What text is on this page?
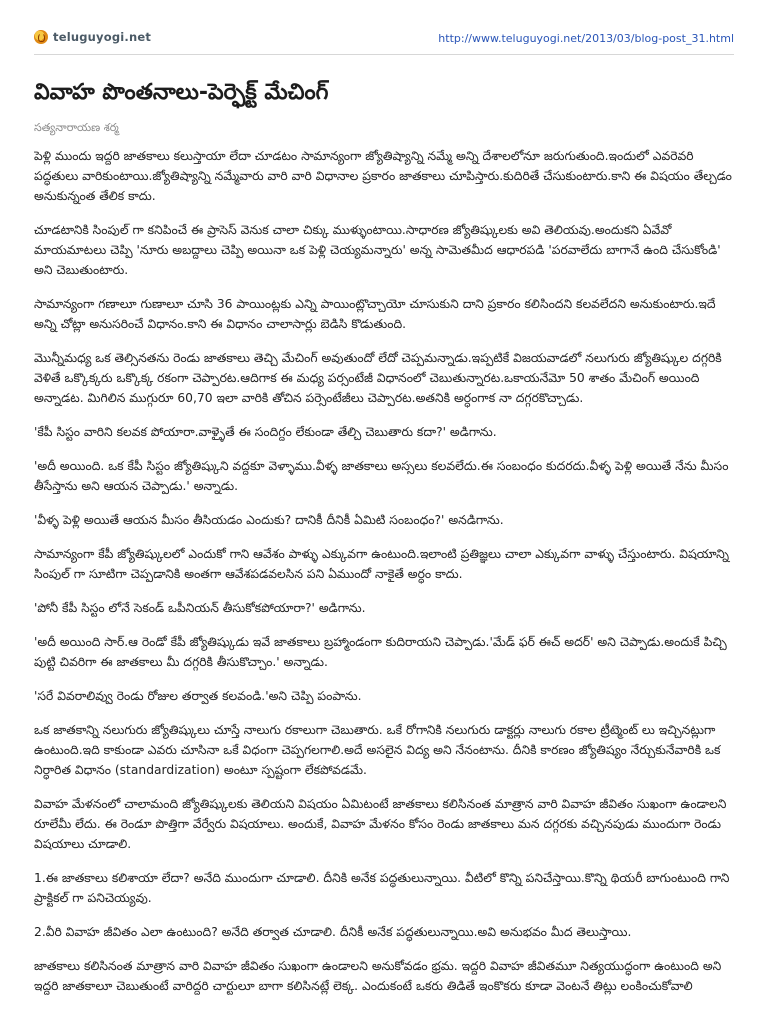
teluguyogi.net	http://www.teluguyogi.net/2013/03/blog-post_31.html
వివాహ పొంతనాలు-పెర్ఫెక్ట్ మేచింగ్
సత్యనారాయణ శర్మ

పెళ్లి ముందు ఇద్దరి జాతకాలు కలుస్తాయా లేదా చూడటం సామాన్యంగా జ్యోతిష్యాన్ని నమ్మే అన్ని దేశాలలోనూ జరుగుతుంది.ఇందులో ఎవరెవరి పద్ధతులు వారికుంటాయి.జ్యోతిష్యాన్ని నమ్మేవారు వారి వారి విధానాల ప్రకారం జాతకాలు చూపిస్తారు.కుదిరితే చేసుకుంటారు.కాని ఈ విషయం తేల్చడం అనుకున్నంత తేలిక కాదు.

చూడటానికి సింపుల్ గా కనిపించే ఈ ప్రాసెస్ వెనుక చాలా చిక్కు ముళ్ళుంటాయి.సాధారణ జ్యోతిష్కులకు అవి తెలియవు.అందుకని ఏవేవో మాయమాటలు చెప్పి 'నూరు అబద్దాలు చెప్పి అయినా ఒక పెళ్లి చెయ్యమన్నారు' అన్న సామెతమీద ఆధారపడి 'పరవాలేదు బాగానే ఉంది చేసుకోండి' అని చెబుతుంటారు.

సామాన్యంగా గణాలూ గుణాలూ చూసి 36 పాయింట్లకు ఎన్ని పాయింట్లొచ్చాయో చూసుకుని దాని ప్రకారం కలిసిందని కలవలేదని అనుకుంటారు.ఇదే అన్ని చోట్లా అనుసరించే విధానం.కాని ఈ విధానం చాలాసార్లు బెడిసి కొడుతుంది.

మొన్నీమధ్య ఒక తెల్సినతను రెండు జాతకాలు తెచ్చి మేచింగ్ అవుతుందో లేదో చెప్పమన్నాడు.ఇప్పటికే విజయవాడలో నలుగురు జ్యోతిష్కుల దగ్గరికి వెళితే ఒక్కొక్కరు ఒక్కొక్క రకంగా చెప్పారట.ఆదిగాక ఈ మధ్య పర్సంటేజీ విధానంలో చెబుతున్నారట.ఒకాయనేమో 50 శాతం మేచింగ్ అయింది అన్నాడట. మిగిలిన ముగ్గురూ 60,70 ఇలా వారికి తోచిన పర్సెంటేజీలు చెప్పారట.అతనికి అర్ధంగాక నా దగ్గరకొచ్చాడు.

'కేపీ సిస్టం వారిని కలవక పోయారా.వాళ్ళైతే ఈ సందిగ్దం లేకుండా తేల్చి చెబుతారు కదా?' అడిగాను.

'అదీ అయింది. ఒక కేపీ సిస్టం జ్యోతిష్కుని వద్దకూ వెళ్ళాము.వీళ్ళ జాతకాలు అస్సలు కలవలేదు.ఈ సంబంధం కుదరదు.వీళ్ళ పెళ్లి అయితే నేను మీసం తీసేస్తాను అని ఆయన చెప్పాడు.' అన్నాడు.

'వీళ్ళ పెళ్లి అయితే ఆయన మీసం తీసియడం ఎందుకు? దానికీ దీనికీ ఏమిటి సంబంధం?' అనడిగాను.

సామాన్యంగా కేపీ జ్యోతిష్కులలో ఎందుకో గాని ఆవేశం పాళ్ళు ఎక్కువగా ఉంటుంది.ఇలాంటి ప్రతిజ్ఞలు చాలా ఎక్కువగా వాళ్ళు చేస్తుంటారు. విషయాన్ని సింపుల్ గా సూటిగా చెప్పడానికి అంతగా ఆవేశపడవలసిన పని ఏముందో నాకైతే అర్ధం కాదు.

'పోనీ కేపీ సిస్టం లోనే సెకండ్ ఒపీనియన్ తీసుకోకపోయారా?' అడిగాను.

'అదీ అయింది సార్.ఆ రెండో కేపీ జ్యోతిష్కుడు ఇవే జాతకాలు బ్రహ్మాండంగా కుదిరాయని చెప్పాడు.'మేడ్ ఫర్ ఈచ్ అదర్' అని చెప్పాడు.అందుకే పిచ్చి పుట్టి చివరిగా ఈ జాతకాలు మీ దగ్గరికి తీసుకొచ్చాం.' అన్నాడు.

'సరే వివరాలివ్వు రెండు రోజుల తర్వాత కలవండి.'అని చెప్పి పంపాను.

ఒక జాతకాన్ని నలుగురు జ్యోతిష్కులు చూస్తే నాలుగు రకాలుగా చెబుతారు. ఒకే రోగానికి నలుగురు డాక్టర్లు నాలుగు రకాల ట్రీట్మెంట్ లు ఇచ్చినట్లుగా ఉంటుంది.ఇది కాకుండా ఎవరు చూసినా ఒకే విధంగా చెప్పగలగాలి.అదే అసలైన విద్య అని నేనంటాను. దీనికి కారణం జ్యోతిష్యం నేర్చుకునేవారికి ఒక నిర్ధారిత విధానం (standardization) అంటూ స్పష్టంగా లేకపోవడమే.

వివాహ మేళనంలో చాలామంది జ్యోతిష్కులకు తెలియని విషయం ఏమిటంటే జాతకాలు కలిసినంత మాత్రాన వారి వివాహ జీవితం సుఖంగా ఉండాలని రూలేమీ లేదు. ఈ రెండూ పొత్తిగా వేర్వేరు విషయాలు. అందుకే, వివాహ మేళనం కోసం రెండు జాతకాలు మన దగ్గరకు వచ్చినపుడు ముందుగా రెండు విషయాలు చూడాలి.

1.ఈ జాతకాలు కలిశాయా లేదా? అనేది ముందుగా చూడాలి. దీనికి అనేక పద్ధతులున్నాయి. వీటిలో కొన్ని పనిచేస్తాయి.కొన్ని థియరీ బాగుంటుంది గాని ప్రాక్టికల్ గా పనిచెయ్యవు.

2.వీరి వివాహ జీవితం ఎలా ఉంటుంది? అనేది తర్వాత చూడాలి. దీనికీ అనేక పద్ధతులున్నాయి.అవి అనుభవం మీద తెలుస్తాయి.

జాతకాలు కలిసినంత మాత్రాన వారి వివాహ జీవితం సుఖంగా ఉండాలని అనుకోవడం భ్రమ. ఇద్దరి వివాహ జీవితమూ నిత్యయుద్ధంగా ఉంటుంది అని ఇద్దరి జాతకాలూ చెబుతుంటే వారిద్దరి చార్టులూ బాగా కలిసినట్లే లెక్క. ఎందుకంటే ఒకరు తిడితే ఇంకొకరు కూడా వెంటనే తిట్లు లంకించుకోవాలి
